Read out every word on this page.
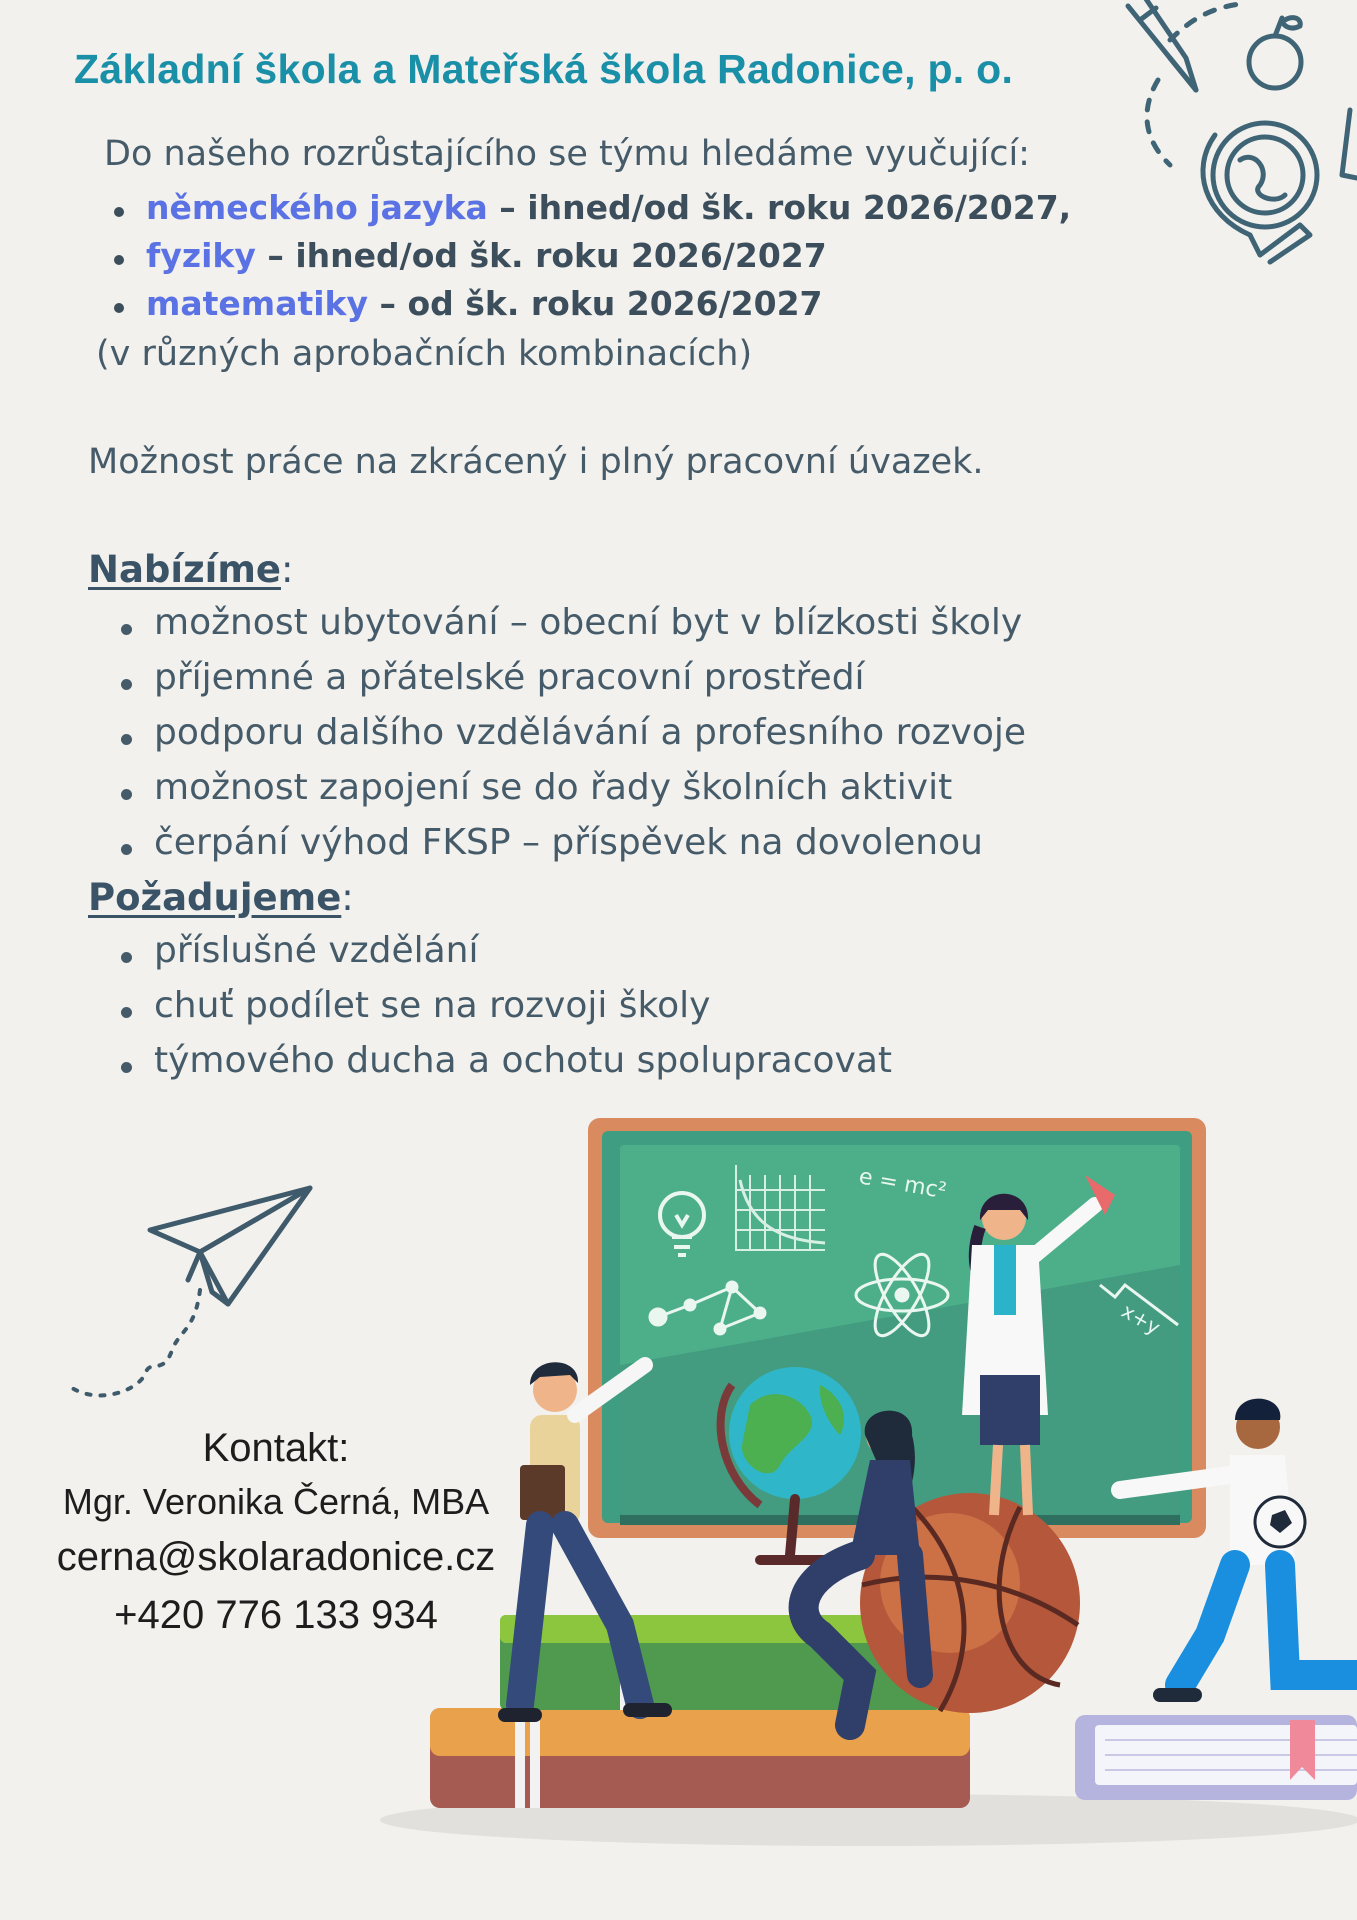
Základní škola a Mateřská škola Radonice, p. o.
Do našeho rozrůstajícího se týmu hledáme vyučující:
německého jazyka – ihned/od šk. roku 2026/2027,
fyziky – ihned/od šk. roku 2026/2027
matematiky – od šk. roku 2026/2027
(v různých aprobačních kombinacích)
Možnost práce na zkrácený i plný pracovní úvazek.
Nabízíme:
možnost ubytování – obecní byt v blízkosti školy
příjemné a přátelské pracovní prostředí
podporu dalšího vzdělávání a profesního rozvoje
možnost zapojení se do řady školních aktivit
čerpání výhod FKSP – příspěvek na dovolenou
Požadujeme:
příslušné vzdělání
chuť podílet se na rozvoji školy
týmového ducha a ochotu spolupracovat
Kontakt:
Mgr. Veronika Černá, MBA
cerna@skolaradonice.cz
+420 776 133 934
e = mc²
x+y
